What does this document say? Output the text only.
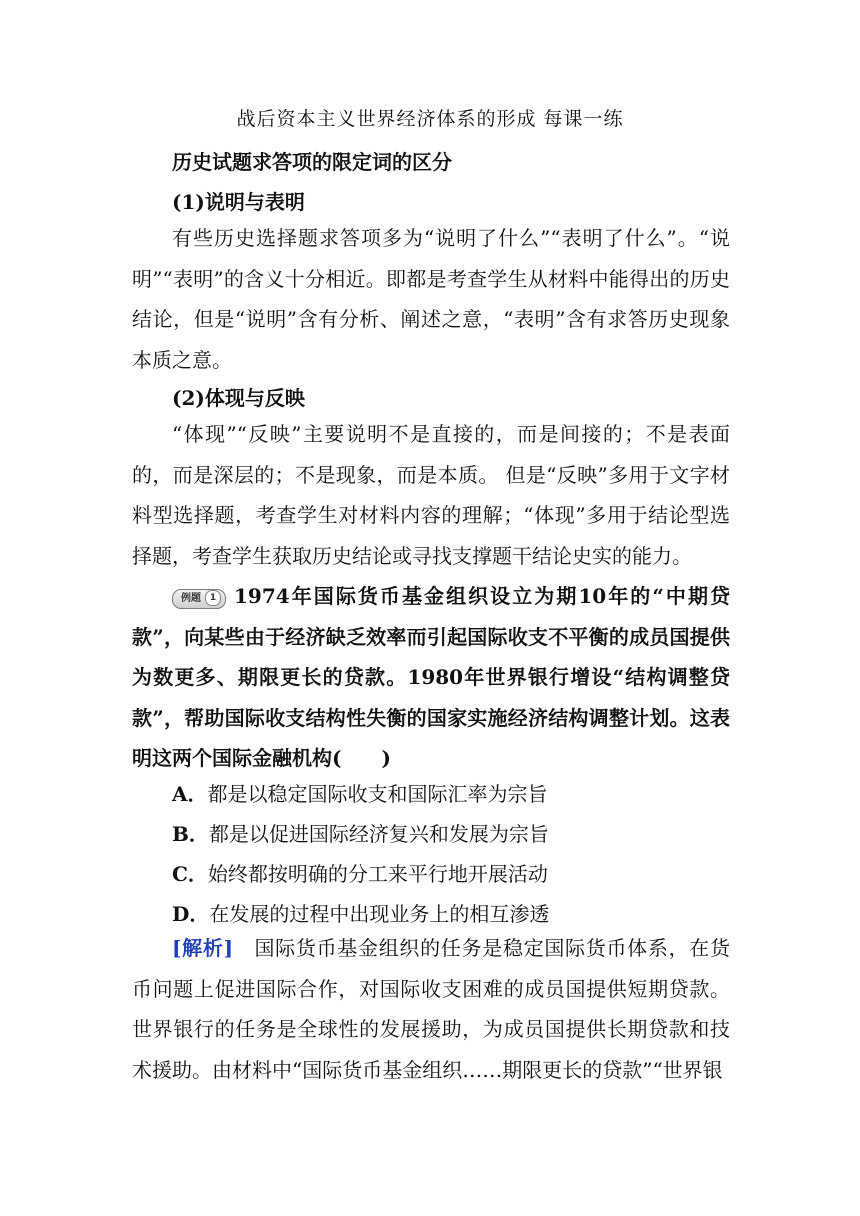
战后资本主义世界经济体系的形成 每课一练
历史试题求答项的限定词的区分
(1)说明与表明
有些历史选择题求答项多为“说明了什么”“表明了什么”。“说明”“表明”的含义十分相近。即都是考查学生从材料中能得出的历史结论，但是“说明”含有分析、阐述之意，“表明”含有求答历史现象本质之意。
(2)体现与反映
“体现”“反映”主要说明不是直接的，而是间接的；不是表面的，而是深层的；不是现象，而是本质。 但是“反映”多用于文字材料型选择题，考查学生对材料内容的理解；“体现”多用于结论型选择题，考查学生获取历史结论或寻找支撑题干结论史实的能力。
例题 1 1974年国际货币基金组织设立为期10年的“中期贷款”，向某些由于经济缺乏效率而引起国际收支不平衡的成员国提供为数更多、期限更长的贷款。1980年世界银行增设“结构调整贷款”，帮助国际收支结构性失衡的国家实施经济结构调整计划。这表明这两个国际金融机构(　　)
A．都是以稳定国际收支和国际汇率为宗旨
B．都是以促进国际经济复兴和发展为宗旨
C．始终都按明确的分工来平行地开展活动
D．在发展的过程中出现业务上的相互渗透
[解析]　 国际货币基金组织的任务是稳定国际货币体系，在货币问题上促进国际合作，对国际收支困难的成员国提供短期贷款。世界银行的任务是全球性的发展援助，为成员国提供长期贷款和技术援助。由材料中“国际货币基金组织……期限更长的贷款”“世界银
